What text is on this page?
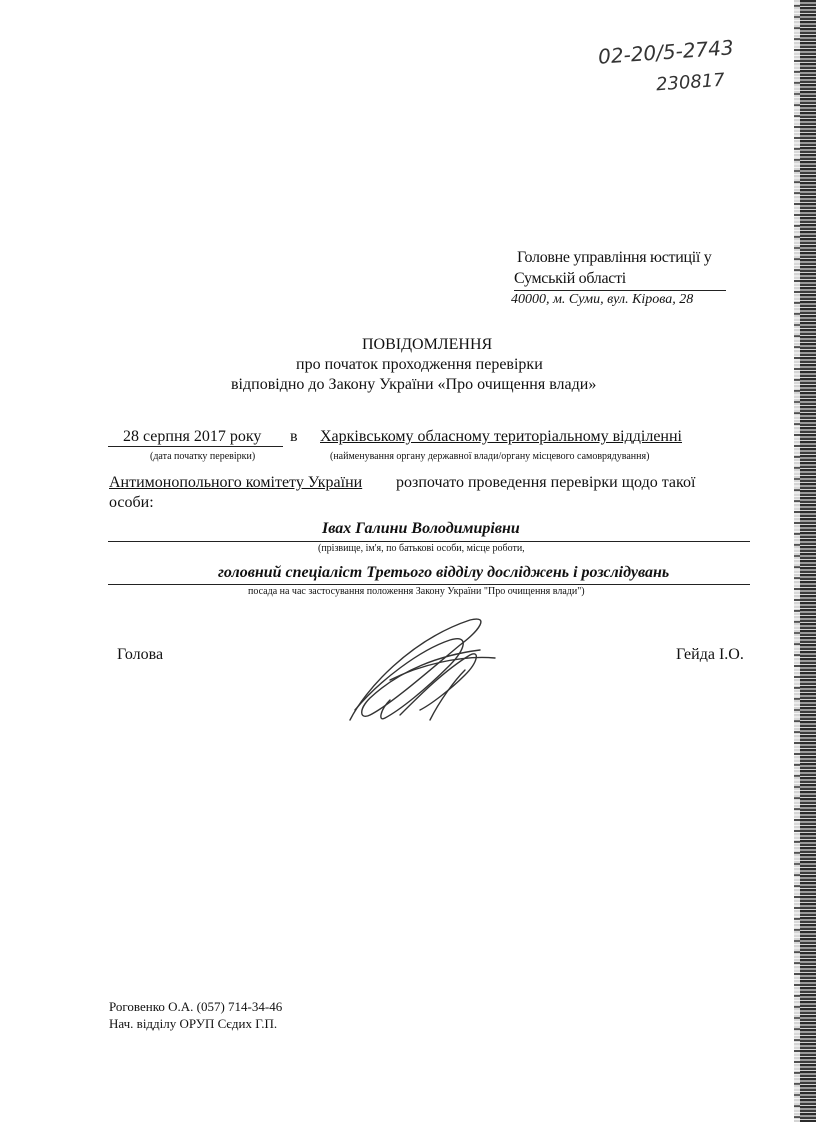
02-20/5-2743
230817
Головне управління юстиції у
Сумській області
40000, м. Суми, вул. Кірова, 28
ПОВІДОМЛЕННЯ
про початок проходження перевірки
відповідно до Закону України «Про очищення влади»
28 серпня 2017 року в Харківському обласному територіальному відділенні
(дата початку перевірки)	(найменування органу державної влади/органу місцевого самоврядування)
Антимонопольного комітету України розпочато проведення перевірки щодо такої
особи:
Івах Галини Володимирівни
(прізвище, ім'я, по батькові особи, місце роботи,
головний спеціаліст Третього відділу досліджень і розслідувань
посада на час застосування положення Закону України "Про очищення влади")
Голова	Гейда І.О.
Роговенко О.А. (057) 714-34-46
Нач. відділу ОРУП Сєдих Г.П.
